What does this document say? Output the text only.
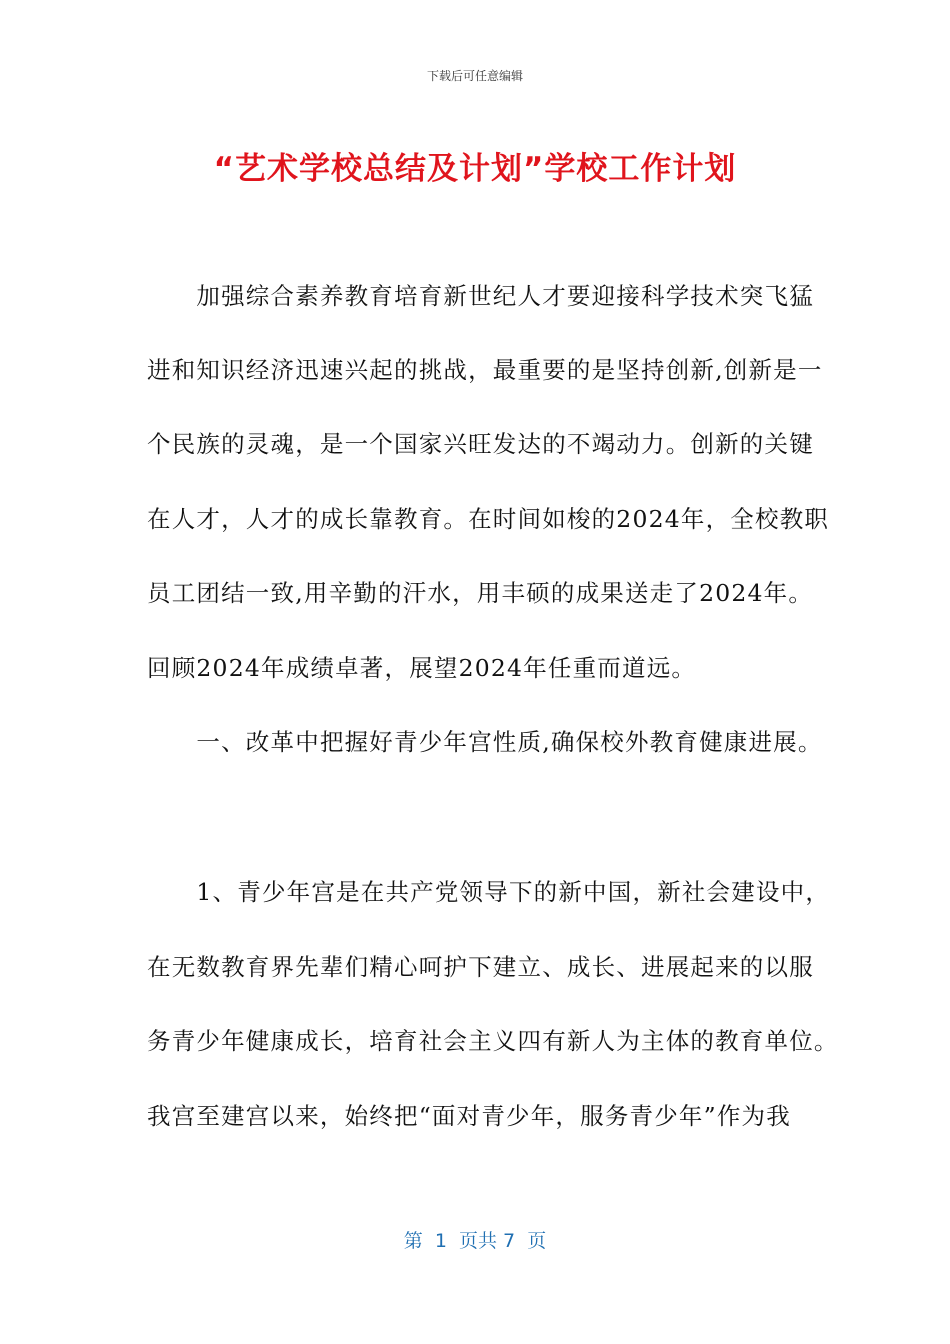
下载后可任意编辑
“艺术学校总结及计划”学校工作计划
　　加强综合素养教育培育新世纪人才要迎接科学技术突飞猛
进和知识经济迅速兴起的挑战，最重要的是坚持创新,创新是一
个民族的灵魂，是一个国家兴旺发达的不竭动力。创新的关键
在人才，人才的成长靠教育。在时间如梭的2024年，全校教职
员工团结一致,用辛勤的汗水，用丰硕的成果送走了2024年。
回顾2024年成绩卓著，展望2024年任重而道远。
　　一、改革中把握好青少年宫性质,确保校外教育健康进展。
　　1、青少年宫是在共产党领导下的新中国，新社会建设中，
在无数教育界先辈们精心呵护下建立、成长、进展起来的以服
务青少年健康成长，培育社会主义四有新人为主体的教育单位。
我宫至建宫以来，始终把“面对青少年，服务青少年”作为我
第  1  页共 7  页
